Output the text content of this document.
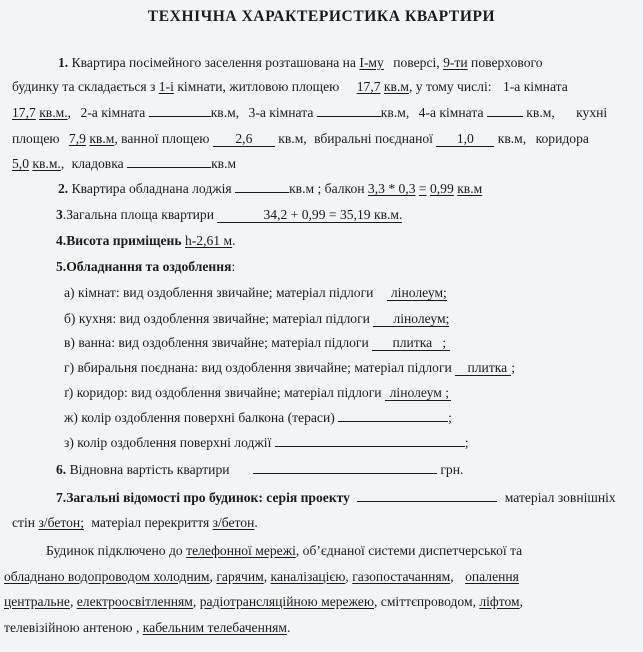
ТЕХНІЧНА ХАРАКТЕРИСТИКА КВАРТИРИ
1. Квартира посімейного заселення розташована на І-му поверсі, 9-ти поверхового
будинку та складається з 1-і кімнати, житловою площею 17,7 кв.м, у тому числі: 1-а кімната
17,7 кв.м., 2-а кімната	кв.м, 3-а кімната	кв.м, 4-а кімната	кв.м, кухні
площею 7,9 кв.м, ванної площею 2,6 кв.м, вбиральні поєднаної 1,0 кв.м, коридора
5,0 кв.м., кладовка	кв.м
2. Квартира обладнана лоджія	кв.м ; балкон 3,3 * 0,3 = 0,99 кв.м
3.Загальна площа квартири	34,2 + 0,99 = 35,19 кв.м.
4.Висота приміщень h-2,61 м.
5.Обладнання та оздоблення:
а) кімнат: вид оздоблення звичайне; матеріал підлоги лінолеум;
б) кухня: вид оздоблення звичайне; матеріал підлоги лінолеум;
в) ванна: вид оздоблення звичайне; матеріал підлоги плитка ;
г) вбиральня поєднана: вид оздоблення звичайне; матеріал підлоги плитка ;
ґ) коридор: вид оздоблення звичайне; матеріал підлоги лінолеум ;
ж) колір оздоблення поверхні балкона (тераси)	;
з) колір оздоблення поверхні лоджії	;
6. Відновна вартість квартири	грн.
7.Загальні відомості про будинок: серія проекту	матеріал зовнішніх
стін з/бетон; матеріал перекриття з/бетон.
Будинок підключено до телефонної мережі, об’єднаної системи диспетчерської та
обладнано водопроводом холодним, гарячим, каналізацією, газопостачанням, опалення
центральне, електроосвітленням, радіотрансляційною мережею, сміттєпроводом, ліфтом,
телевізійною антеною , кабельним телебаченням.
